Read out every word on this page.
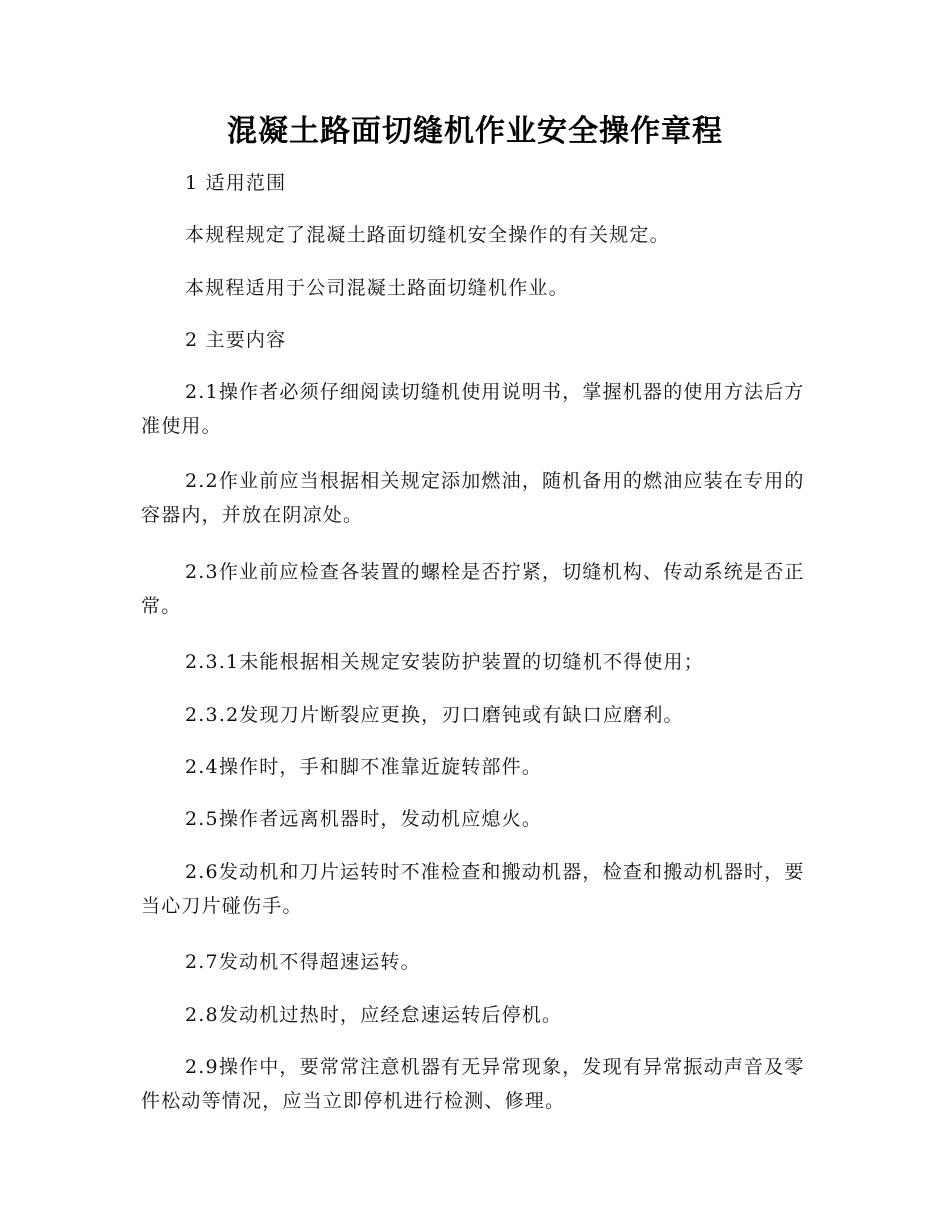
混凝土路面切缝机作业安全操作章程

1 适用范围

本规程规定了混凝土路面切缝机安全操作的有关规定。

本规程适用于公司混凝土路面切缝机作业。

2 主要内容

2.1操作者必须仔细阅读切缝机使用说明书，掌握机器的使用方法后方准使用。

2.2作业前应当根据相关规定添加燃油，随机备用的燃油应装在专用的容器内，并放在阴凉处。

2.3作业前应检查各装置的螺栓是否拧紧，切缝机构、传动系统是否正常。

2.3.1未能根据相关规定安装防护装置的切缝机不得使用；

2.3.2发现刀片断裂应更换，刃口磨钝或有缺口应磨利。

2.4操作时，手和脚不准靠近旋转部件。

2.5操作者远离机器时，发动机应熄火。

2.6发动机和刀片运转时不准检查和搬动机器，检查和搬动机器时，要当心刀片碰伤手。

2.7发动机不得超速运转。

2.8发动机过热时，应经怠速运转后停机。

2.9操作中，要常常注意机器有无异常现象，发现有异常振动声音及零件松动等情况，应当立即停机进行检测、修理。
